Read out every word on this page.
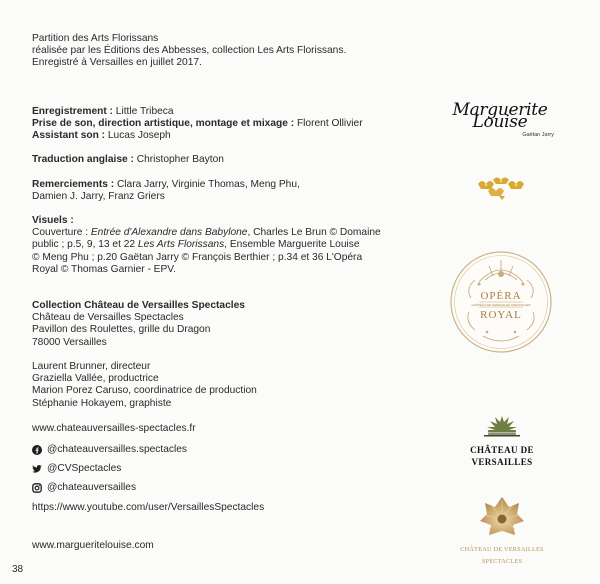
Partition des Arts Florissans
réalisée par les Éditions des Abbesses, collection Les Arts Florissans.
Enregistré à Versailles en juillet 2017.
Enregistrement : Little Tribeca
Prise de son, direction artistique, montage et mixage : Florent Ollivier
Assistant son : Lucas Joseph
Traduction anglaise : Christopher Bayton
Remerciements : Clara Jarry, Virginie Thomas, Meng Phu,
Damien J. Jarry, Franz Griers
Visuels :
Couverture : Entrée d'Alexandre dans Babylone, Charles Le Brun © Domaine
public ; p.5, 9, 13 et 22 Les Arts Florissans, Ensemble Marguerite Louise
© Meng Phu ; p.20 Gaëtan Jarry © François Berthier ; p.34 et 36 L'Opéra
Royal © Thomas Garnier - EPV.
Collection Château de Versailles Spectacles
Château de Versailles Spectacles
Pavillon des Roulettes, grille du Dragon
78000 Versailles
Laurent Brunner, directeur
Graziella Vallée, productrice
Marion Porez Caruso, coordinatrice de production
Stéphanie Hokayem, graphiste
www.chateauversailles-spectacles.fr
@chateauversailles.spectacles
@CVSpectacles
@chateauversailles
https://www.youtube.com/user/VersaillesSpectacles
www.margueritelouise.com
38
Marguerite Louise
Gaëtan Jarry
OPÉRA
CHÂTEAU DE VERSAILLES SPECTACLES
ROYAL
CHÂTEAU DE VERSAILLES
CHÂTEAU DE VERSAILLES SPECTACLES
